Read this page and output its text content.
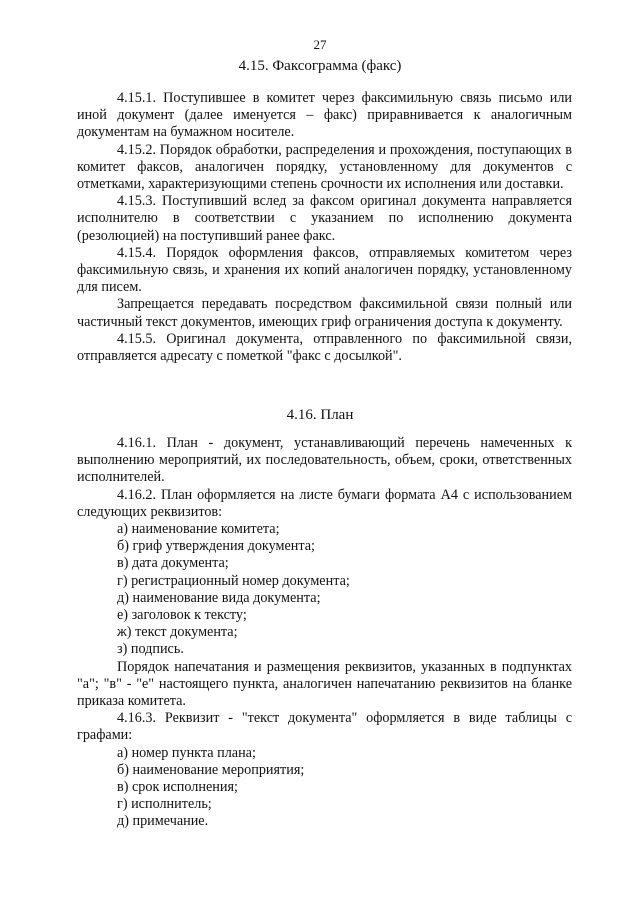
27
4.15. Факсограмма (факс)

4.15.1. Поступившее в комитет через факсимильную связь письмо или иной документ (далее именуется – факс) приравнивается к аналогичным документам на бумажном носителе.

4.15.2. Порядок обработки, распределения и прохождения, поступающих в комитет факсов, аналогичен порядку, установленному для документов с отметками, характеризующими степень срочности их исполнения или доставки.

4.15.3. Поступивший вслед за факсом оригинал документа направляется исполнителю в соответствии с указанием по исполнению документа (резолюцией) на поступивший ранее факс.

4.15.4. Порядок оформления факсов, отправляемых комитетом через факсимильную связь, и хранения их копий аналогичен порядку, установленному для писем.

Запрещается передавать посредством факсимильной связи полный или частичный текст документов, имеющих гриф ограничения доступа к документу.

4.15.5. Оригинал документа, отправленного по факсимильной связи, отправляется адресату с пометкой "факс с досылкой".

4.16. План

4.16.1. План - документ, устанавливающий перечень намеченных к выполнению мероприятий, их последовательность, объем, сроки, ответственных исполнителей.

4.16.2. План оформляется на листе бумаги формата А4 с использованием следующих реквизитов:

а) наименование комитета;

б) гриф утверждения документа;

в) дата документа;

г) регистрационный номер документа;

д) наименование вида документа;

е) заголовок к тексту;

ж) текст документа;

з) подпись.

Порядок напечатания и размещения реквизитов, указанных в подпунктах "а"; "в" - "е" настоящего пункта, аналогичен напечатанию реквизитов на бланке приказа комитета.

4.16.3. Реквизит - "текст документа" оформляется в виде таблицы с графами:

а) номер пункта плана;

б) наименование мероприятия;

в) срок исполнения;

г) исполнитель;

д) примечание.
